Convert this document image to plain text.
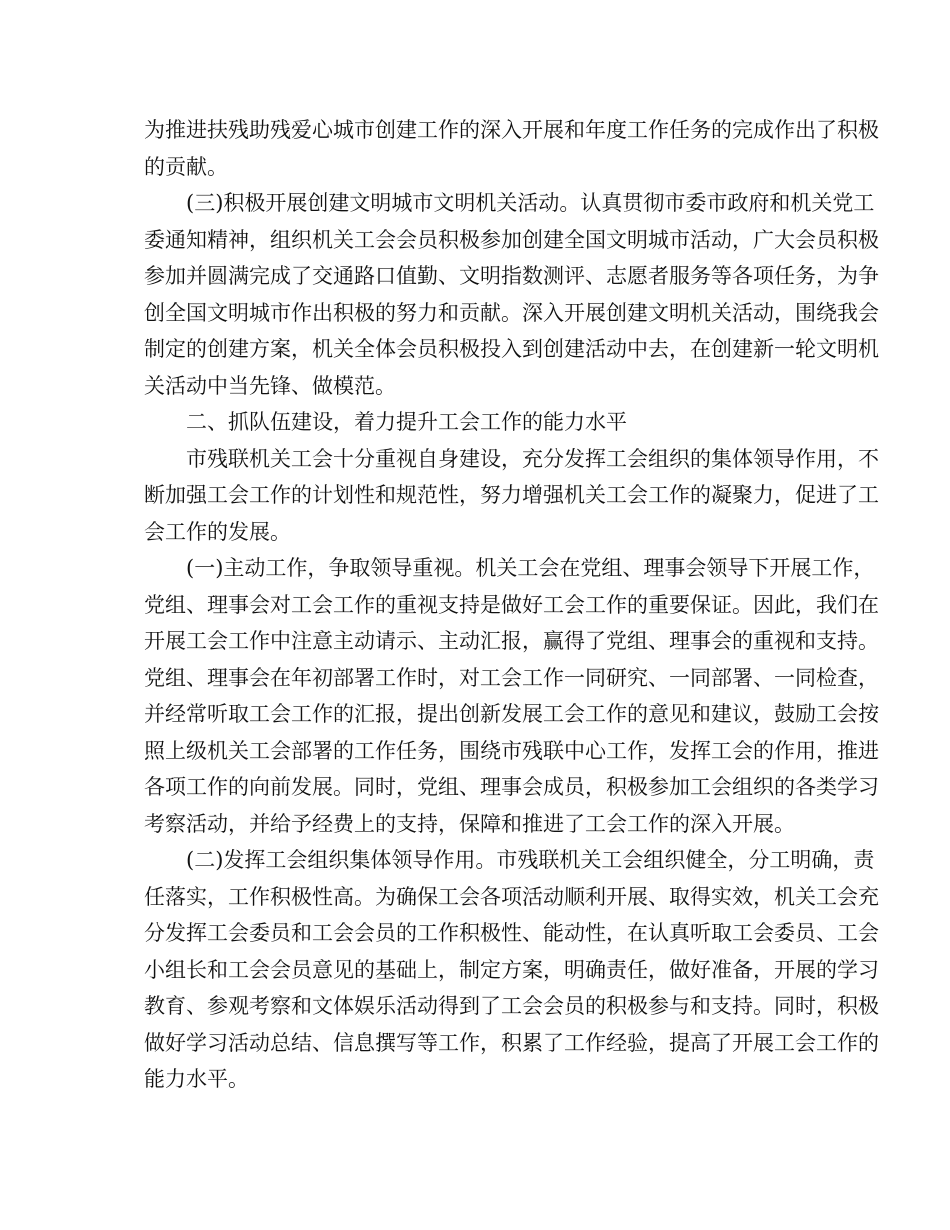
为推进扶残助残爱心城市创建工作的深入开展和年度工作任务的完成作出了积极
的贡献。
(三)积极开展创建文明城市文明机关活动。认真贯彻市委市政府和机关党工
委通知精神，组织机关工会会员积极参加创建全国文明城市活动，广大会员积极
参加并圆满完成了交通路口值勤、文明指数测评、志愿者服务等各项任务，为争
创全国文明城市作出积极的努力和贡献。深入开展创建文明机关活动，围绕我会
制定的创建方案，机关全体会员积极投入到创建活动中去，在创建新一轮文明机
关活动中当先锋、做模范。
二、抓队伍建设，着力提升工会工作的能力水平
市残联机关工会十分重视自身建设，充分发挥工会组织的集体领导作用，不
断加强工会工作的计划性和规范性，努力增强机关工会工作的凝聚力，促进了工
会工作的发展。
(一)主动工作，争取领导重视。机关工会在党组、理事会领导下开展工作，
党组、理事会对工会工作的重视支持是做好工会工作的重要保证。因此，我们在
开展工会工作中注意主动请示、主动汇报，赢得了党组、理事会的重视和支持。
党组、理事会在年初部署工作时，对工会工作一同研究、一同部署、一同检查，
并经常听取工会工作的汇报，提出创新发展工会工作的意见和建议，鼓励工会按
照上级机关工会部署的工作任务，围绕市残联中心工作，发挥工会的作用，推进
各项工作的向前发展。同时，党组、理事会成员，积极参加工会组织的各类学习
考察活动，并给予经费上的支持，保障和推进了工会工作的深入开展。
(二)发挥工会组织集体领导作用。市残联机关工会组织健全，分工明确，责
任落实，工作积极性高。为确保工会各项活动顺利开展、取得实效，机关工会充
分发挥工会委员和工会会员的工作积极性、能动性，在认真听取工会委员、工会
小组长和工会会员意见的基础上，制定方案，明确责任，做好准备，开展的学习
教育、参观考察和文体娱乐活动得到了工会会员的积极参与和支持。同时，积极
做好学习活动总结、信息撰写等工作，积累了工作经验，提高了开展工会工作的
能力水平。
